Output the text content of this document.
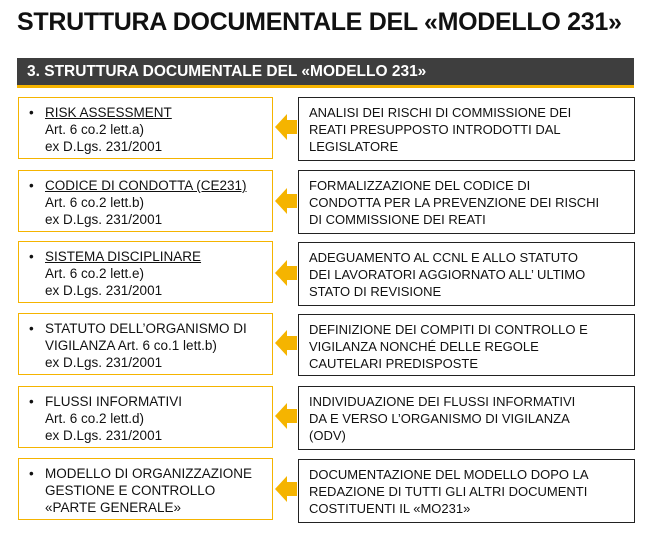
STRUTTURA DOCUMENTALE DEL «MODELLO 231»
3. STRUTTURA DOCUMENTALE DEL «MODELLO 231»
• RISK ASSESSMENT
Art. 6 co.2 lett.a)
ex D.Lgs. 231/2001
ANALISI DEI RISCHI DI COMMISSIONE DEI
REATI PRESUPPOSTO INTRODOTTI DAL
LEGISLATORE
• CODICE DI CONDOTTA (CE231)
Art. 6 co.2 lett.b)
ex D.Lgs. 231/2001
FORMALIZZAZIONE DEL CODICE DI
CONDOTTA PER LA PREVENZIONE DEI RISCHI
DI COMMISSIONE DEI REATI
• SISTEMA DISCIPLINARE
Art. 6 co.2 lett.e)
ex D.Lgs. 231/2001
ADEGUAMENTO AL CCNL E ALLO STATUTO
DEI LAVORATORI AGGIORNATO ALL’ ULTIMO
STATO DI REVISIONE
• STATUTO DELL’ORGANISMO DI
VIGILANZA Art. 6 co.1 lett.b)
ex D.Lgs. 231/2001
DEFINIZIONE DEI COMPITI DI CONTROLLO E
VIGILANZA NONCHÉ DELLE REGOLE
CAUTELARI PREDISPOSTE
• FLUSSI INFORMATIVI
Art. 6 co.2 lett.d)
ex D.Lgs. 231/2001
INDIVIDUAZIONE DEI FLUSSI INFORMATIVI
DA E VERSO L’ORGANISMO DI VIGILANZA
(ODV)
• MODELLO DI ORGANIZZAZIONE
GESTIONE E CONTROLLO
«PARTE GENERALE»
DOCUMENTAZIONE DEL MODELLO DOPO LA
REDAZIONE DI TUTTI GLI ALTRI DOCUMENTI
COSTITUENTI IL «MO231»
